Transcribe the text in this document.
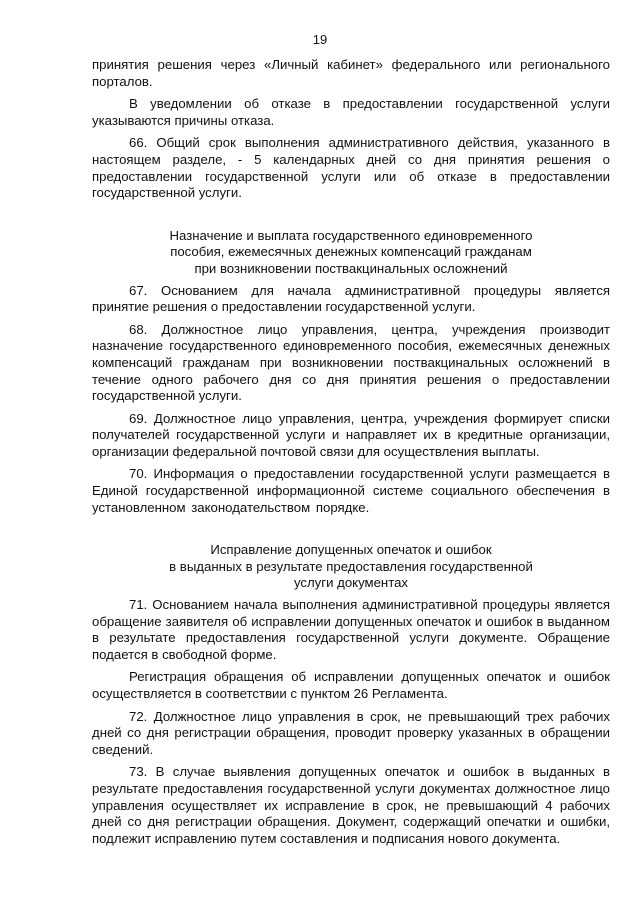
19

принятия решения через «Личный кабинет» федерального или регионального порталов.

В уведомлении об отказе в предоставлении государственной услуги указываются причины отказа.

66. Общий срок выполнения административного действия, указанного в настоящем разделе, - 5 календарных дней со дня принятия решения о предоставлении государственной услуги или об отказе в предоставлении государственной услуги.

Назначение и выплата государственного единовременного
пособия, ежемесячных денежных компенсаций гражданам
при возникновении поствакцинальных осложнений

67. Основанием для начала административной процедуры является принятие решения о предоставлении государственной услуги.

68. Должностное лицо управления, центра, учреждения производит назначение государственного единовременного пособия, ежемесячных денежных компенсаций гражданам при возникновении поствакцинальных осложнений в течение одного рабочего дня со дня принятия решения о предоставлении государственной услуги.

69. Должностное лицо управления, центра, учреждения формирует списки получателей государственной услуги и направляет их в кредитные организации, организации федеральной почтовой связи для осуществления выплаты.

70. Информация о предоставлении государственной услуги размещается в Единой государственной информационной системе социального обеспечения в установленном законодательством порядке.

Исправление допущенных опечаток и ошибок
в выданных в результате предоставления государственной
услуги документах

71. Основанием начала выполнения административной процедуры является обращение заявителя об исправлении допущенных опечаток и ошибок в выданном в результате предоставления государственной услуги документе. Обращение подается в свободной форме.

Регистрация обращения об исправлении допущенных опечаток и ошибок осуществляется в соответствии с пунктом 26 Регламента.

72. Должностное лицо управления в срок, не превышающий трех рабочих дней со дня регистрации обращения, проводит проверку указанных в обращении сведений.

73. В случае выявления допущенных опечаток и ошибок в выданных в результате предоставления государственной услуги документах должностное лицо управления осуществляет их исправление в срок, не превышающий 4 рабочих дней со дня регистрации обращения. Документ, содержащий опечатки и ошибки, подлежит исправлению путем составления и подписания нового документа.
